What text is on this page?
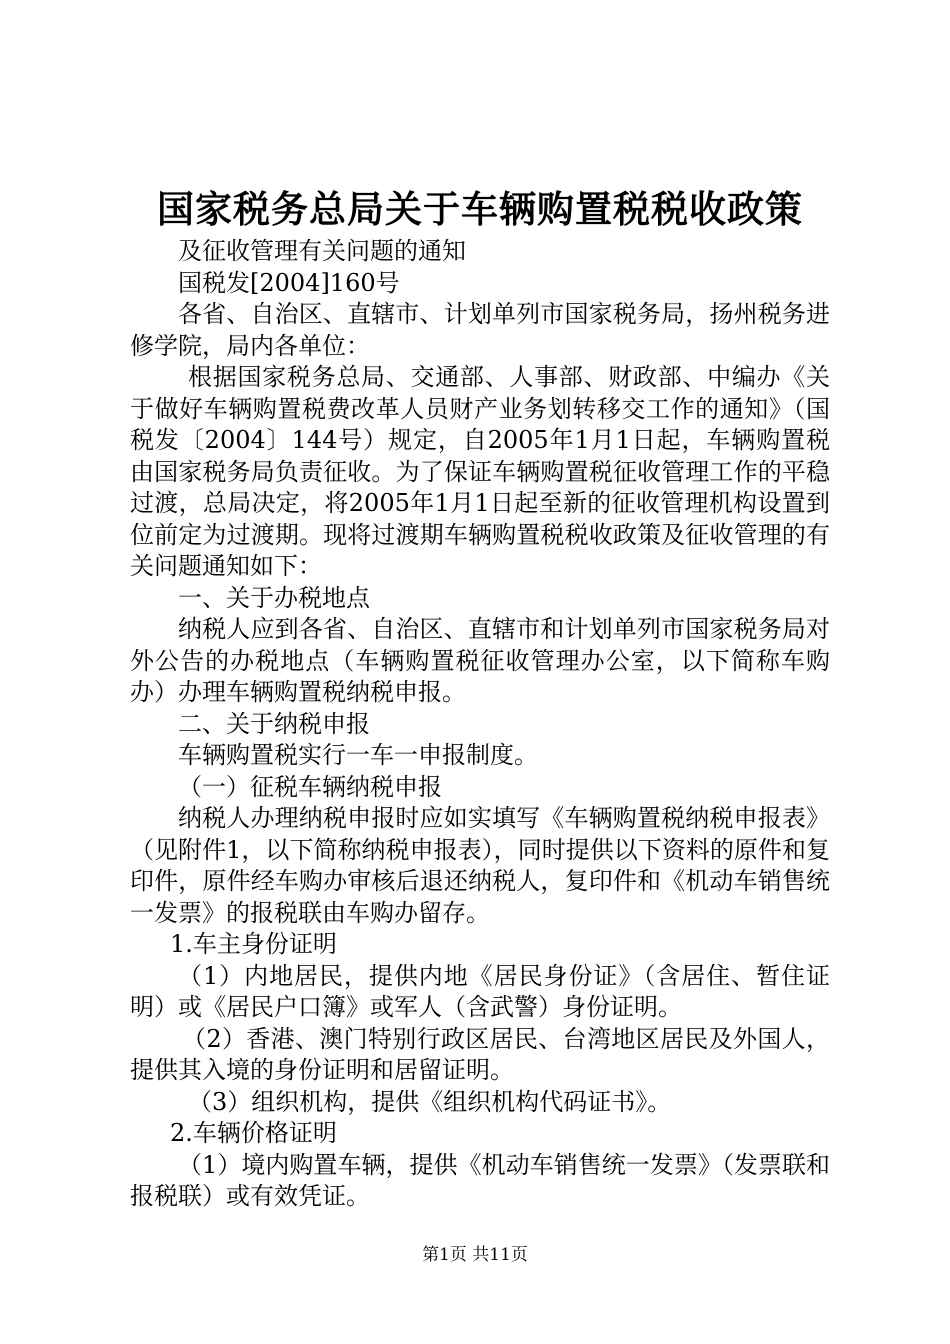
国家税务总局关于车辆购置税税收政策

及征收管理有关问题的通知

国税发[2004]160号

各省、自治区、直辖市、计划单列市国家税务局，扬州税务进修学院，局内各单位：

根据国家税务总局、交通部、人事部、财政部、中编办《关于做好车辆购置税费改革人员财产业务划转移交工作的通知》（国税发〔2004〕144号）规定，自2005年1月1日起，车辆购置税由国家税务局负责征收。为了保证车辆购置税征收管理工作的平稳过渡，总局决定，将2005年1月1日起至新的征收管理机构设置到位前定为过渡期。现将过渡期车辆购置税税收政策及征收管理的有关问题通知如下：

一、关于办税地点

纳税人应到各省、自治区、直辖市和计划单列市国家税务局对外公告的办税地点（车辆购置税征收管理办公室，以下简称车购办）办理车辆购置税纳税申报。

二、关于纳税申报

车辆购置税实行一车一申报制度。

（一）征税车辆纳税申报

纳税人办理纳税申报时应如实填写《车辆购置税纳税申报表》（见附件1，以下简称纳税申报表），同时提供以下资料的原件和复印件，原件经车购办审核后退还纳税人，复印件和《机动车销售统一发票》的报税联由车购办留存。

1.车主身份证明

（1）内地居民，提供内地《居民身份证》（含居住、暂住证明）或《居民户口簿》或军人（含武警）身份证明。

（2）香港、澳门特别行政区居民、台湾地区居民及外国人，提供其入境的身份证明和居留证明。

（3）组织机构，提供《组织机构代码证书》。

2.车辆价格证明

（1）境内购置车辆，提供《机动车销售统一发票》（发票联和报税联）或有效凭证。

第1页 共11页
